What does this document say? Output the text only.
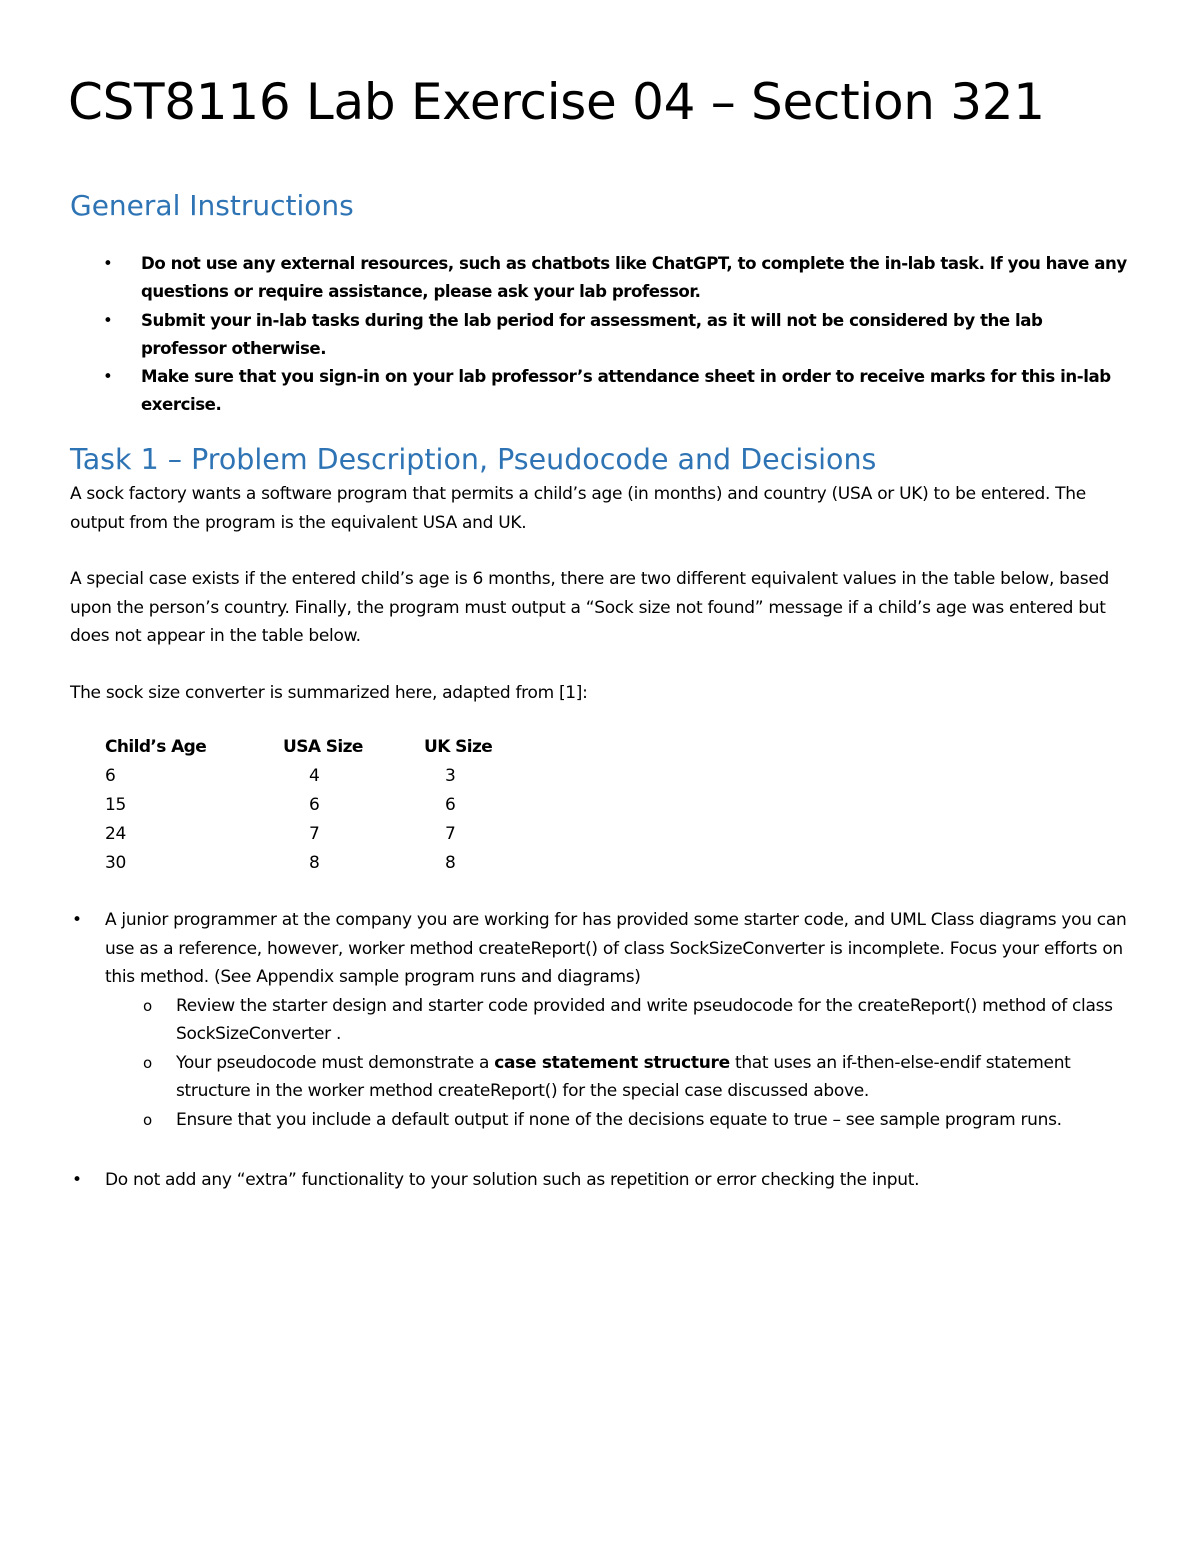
CST8116 Lab Exercise 04 – Section 321
General Instructions
• Do not use any external resources, such as chatbots like ChatGPT, to complete the in-lab task. If you have any questions or require assistance, please ask your lab professor.
• Submit your in-lab tasks during the lab period for assessment, as it will not be considered by the lab professor otherwise.
• Make sure that you sign-in on your lab professor’s attendance sheet in order to receive marks for this in-lab exercise.
Task 1 – Problem Description, Pseudocode and Decisions

A sock factory wants a software program that permits a child’s age (in months) and country (USA or UK) to be entered. The output from the program is the equivalent USA and UK.

A special case exists if the entered child’s age is 6 months, there are two different equivalent values in the table below, based upon the person’s country. Finally, the program must output a “Sock size not found” message if a child’s age was entered but does not appear in the table below.

The sock size converter is summarized here, adapted from [1]:

Child’s Age	USA Size	UK Size
6	4	3
15	6	6
24	7	7
30	8	8
• A junior programmer at the company you are working for has provided some starter code, and UML Class diagrams you can use as a reference, however, worker method createReport() of class SockSizeConverter is incomplete. Focus your efforts on this method. (See Appendix sample program runs and diagrams)
o Review the starter design and starter code provided and write pseudocode for the createReport() method of class SockSizeConverter .
o Your pseudocode must demonstrate a case statement structure that uses an if-then-else-endif statement structure in the worker method createReport() for the special case discussed above.
o Ensure that you include a default output if none of the decisions equate to true – see sample program runs.
• Do not add any “extra” functionality to your solution such as repetition or error checking the input.
